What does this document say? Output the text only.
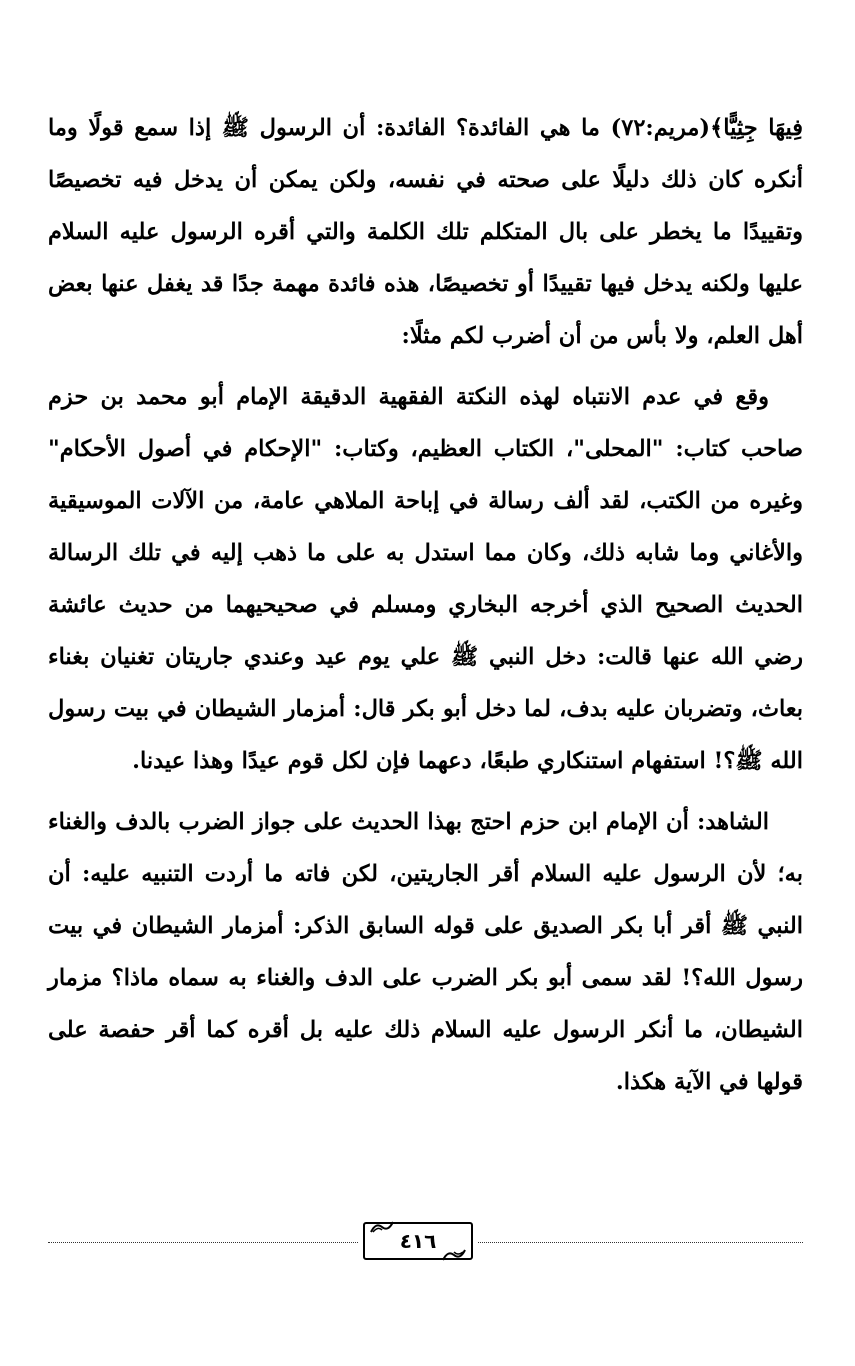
فِيهَا جِثِيًّا﴾(مريم:٧٢) ما هي الفائدة؟ الفائدة: أن الرسول ﷺ إذا سمع قولًا وما أنكره كان ذلك دليلًا على صحته في نفسه، ولكن يمكن أن يدخل فيه تخصيصًا وتقييدًا ما يخطر على بال المتكلم تلك الكلمة والتي أقره الرسول عليه السلام عليها ولكنه يدخل فيها تقييدًا أو تخصيصًا، هذه فائدة مهمة جدًا قد يغفل عنها بعض أهل العلم، ولا بأس من أن أضرب لكم مثلًا:

وقع في عدم الانتباه لهذه النكتة الفقهية الدقيقة الإمام أبو محمد بن حزم صاحب كتاب: "المحلى"، الكتاب العظيم، وكتاب: "الإحكام في أصول الأحكام" وغيره من الكتب، لقد ألف رسالة في إباحة الملاهي عامة، من الآلات الموسيقية والأغاني وما شابه ذلك، وكان مما استدل به على ما ذهب إليه في تلك الرسالة الحديث الصحيح الذي أخرجه البخاري ومسلم في صحيحيهما من حديث عائشة رضي الله عنها قالت: دخل النبي ﷺ علي يوم عيد وعندي جاريتان تغنيان بغناء بعاث، وتضربان عليه بدف، لما دخل أبو بكر قال: أمزمار الشيطان في بيت رسول الله ﷺ؟! استفهام استنكاري طبعًا، دعهما فإن لكل قوم عيدًا وهذا عيدنا.

الشاهد: أن الإمام ابن حزم احتج بهذا الحديث على جواز الضرب بالدف والغناء به؛ لأن الرسول عليه السلام أقر الجاريتين، لكن فاته ما أردت التنبيه عليه: أن النبي ﷺ أقر أبا بكر الصديق على قوله السابق الذكر: أمزمار الشيطان في بيت رسول الله؟! لقد سمى أبو بكر الضرب على الدف والغناء به سماه ماذا؟ مزمار الشيطان، ما أنكر الرسول عليه السلام ذلك عليه بل أقره كما أقر حفصة على قولها في الآية هكذا.

٤١٦
